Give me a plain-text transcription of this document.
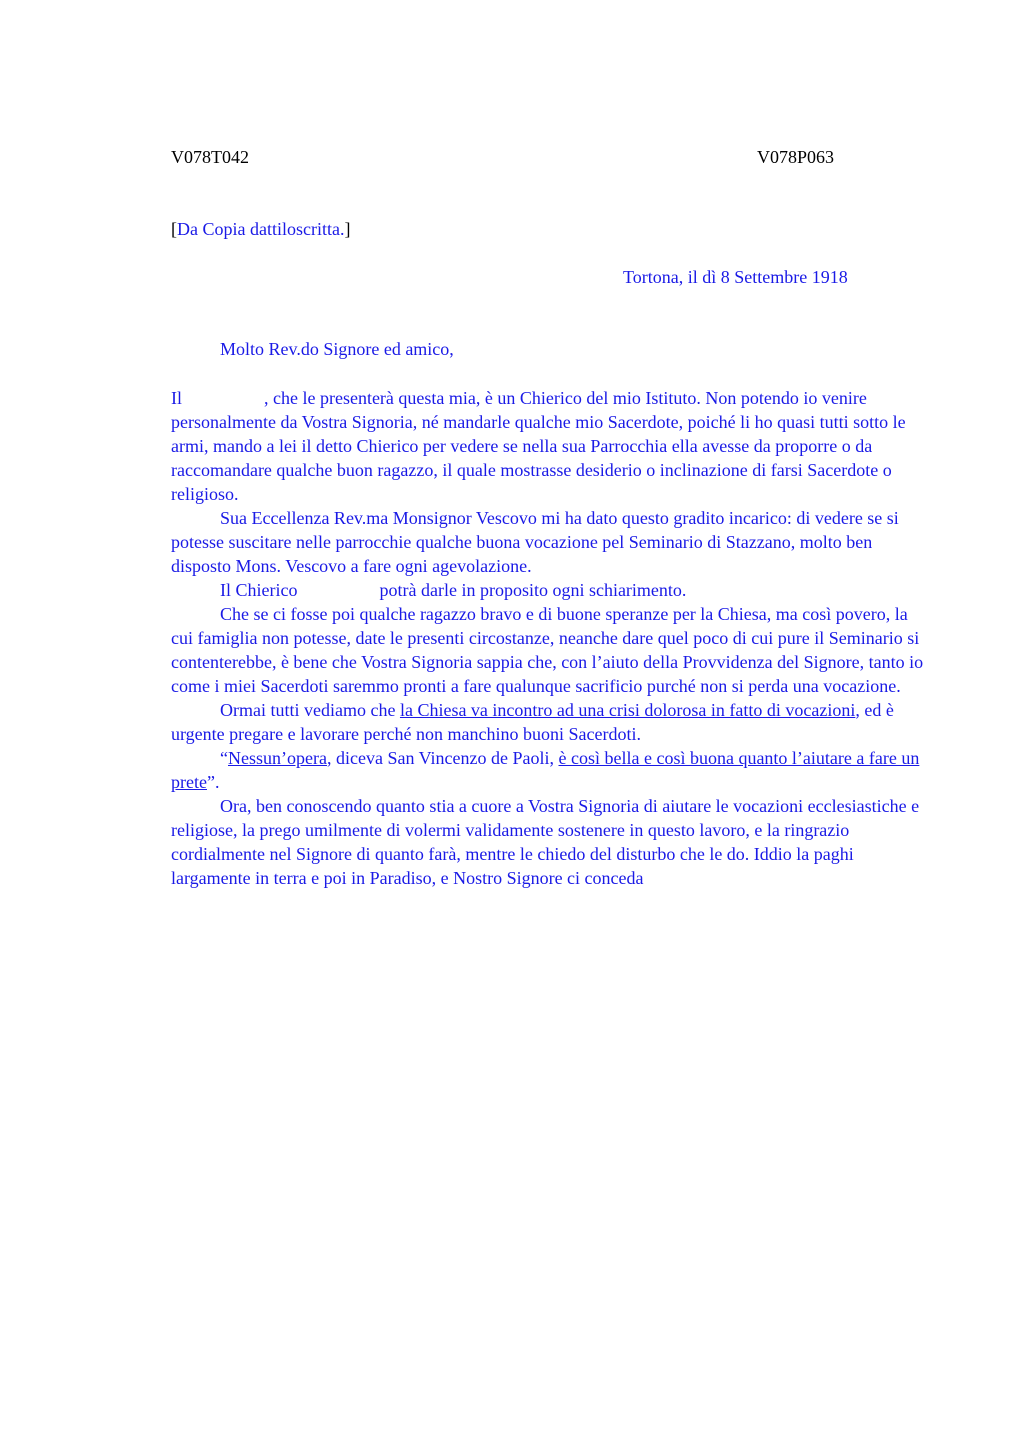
V078T042	V078P063
[Da Copia dattiloscritta.]
Tortona, il dì 8 Settembre 1918
Molto Rev.do Signore ed amico,

Il	, che le presenterà questa mia, è un Chierico del mio Istituto. Non potendo io venire personalmente da Vostra Signoria, né mandarle qualche mio Sacerdote, poiché li ho quasi tutti sotto le armi, mando a lei il detto Chierico per vedere se nella sua Parrocchia ella avesse da proporre o da raccomandare qualche buon ragazzo, il quale mostrasse desiderio o inclinazione di farsi Sacerdote o religioso.

Sua Eccellenza Rev.ma Monsignor Vescovo mi ha dato questo gradito incarico: di vedere se si potesse suscitare nelle parrocchie qualche buona vocazione pel Seminario di Stazzano, molto ben disposto Mons. Vescovo a fare ogni agevolazione.

Il Chierico	potrà darle in proposito ogni schiarimento.

Che se ci fosse poi qualche ragazzo bravo e di buone speranze per la Chiesa, ma così povero, la cui famiglia non potesse, date le presenti circostanze, neanche dare quel poco di cui pure il Seminario si contenterebbe, è bene che Vostra Signoria sappia che, con l’aiuto della Provvidenza del Signore, tanto io come i miei Sacerdoti saremmo pronti a fare qualunque sacrificio purché non si perda una vocazione.

Ormai tutti vediamo che la Chiesa va incontro ad una crisi dolorosa in fatto di vocazioni, ed è urgente pregare e lavorare perché non manchino buoni Sacerdoti.

“Nessun’opera, diceva San Vincenzo de Paoli, è così bella e così buona quanto l’aiutare a fare un prete”.

Ora, ben conoscendo quanto stia a cuore a Vostra Signoria di aiutare le vocazioni ecclesiastiche e religiose, la prego umilmente di volermi validamente sostenere in questo lavoro, e la ringrazio cordialmente nel Signore di quanto farà, mentre le chiedo del disturbo che le do. Iddio la paghi largamente in terra e poi in Paradiso, e Nostro Signore ci conceda
